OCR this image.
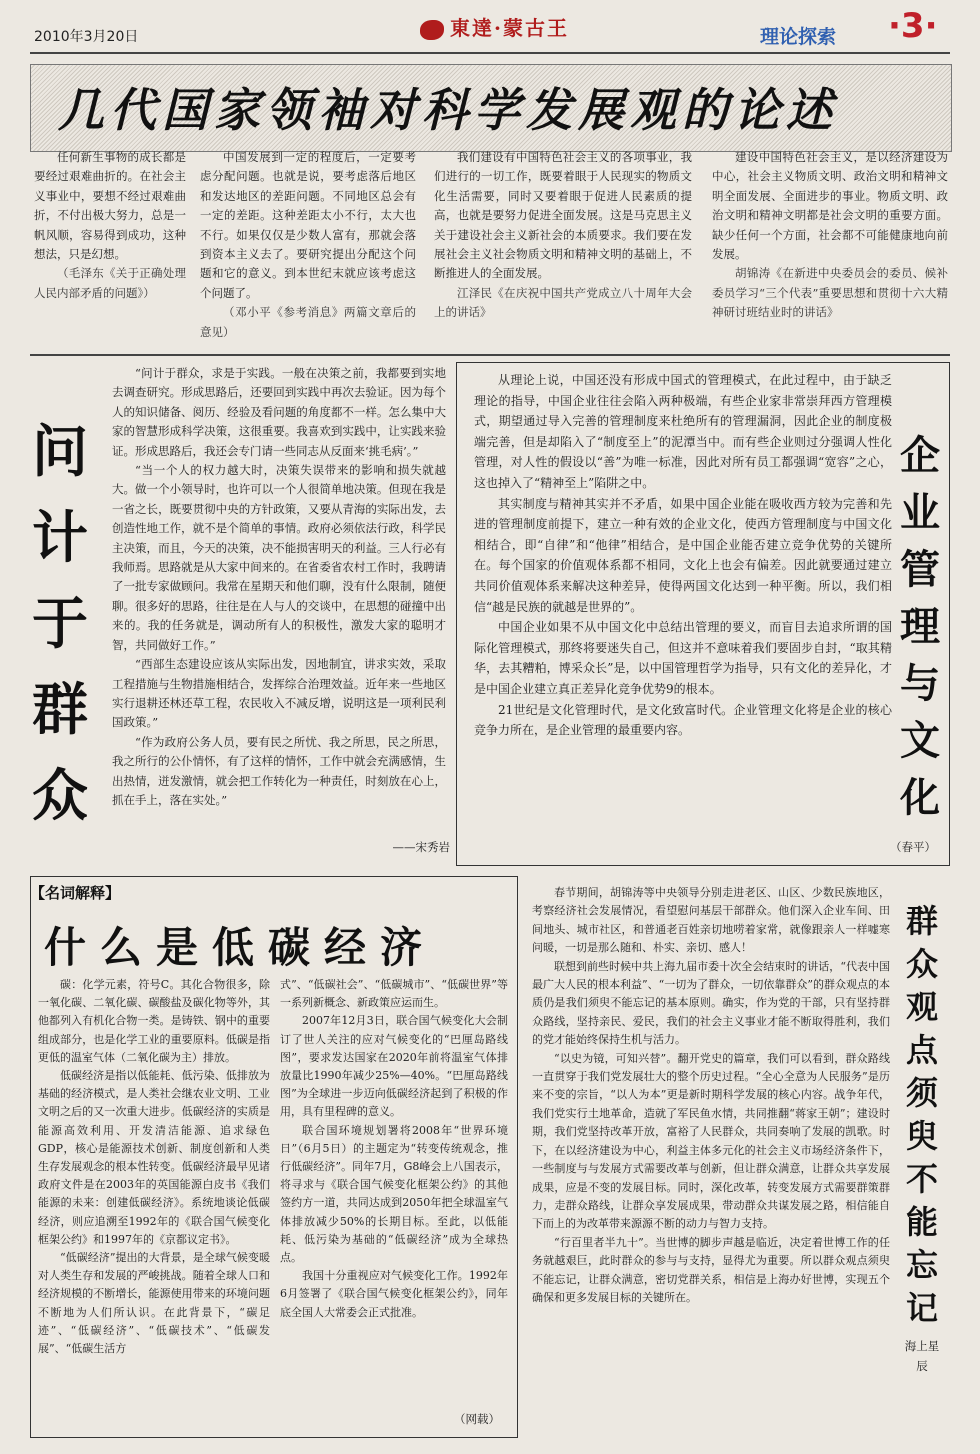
2010年3月20日	東達·蒙古王	理论探索 ·3·
几代国家领袖对科学发展观的论述

任何新生事物的成长都是要经过艰难曲折的。在社会主义事业中，要想不经过艰难曲折，不付出极大努力，总是一帆风顺，容易得到成功，这种想法，只是幻想。

（毛泽东《关于正确处理人民内部矛盾的问题》）

中国发展到一定的程度后，一定要考虑分配问题。也就是说，要考虑落后地区和发达地区的差距问题。不同地区总会有一定的差距。这种差距太小不行，太大也不行。如果仅仅是少数人富有，那就会落到资本主义去了。要研究提出分配这个问题和它的意义。到本世纪末就应该考虑这个问题了。

（邓小平《参考消息》两篇文章后的意见）

我们建设有中国特色社会主义的各项事业，我们进行的一切工作，既要着眼于人民现实的物质文化生活需要，同时又要着眼于促进人民素质的提高，也就是要努力促进全面发展。这是马克思主义关于建设社会主义新社会的本质要求。我们要在发展社会主义社会物质文明和精神文明的基础上，不断推进人的全面发展。

江泽民《在庆祝中国共产党成立八十周年大会上的讲话》

建设中国特色社会主义，是以经济建设为中心，社会主义物质文明、政治文明和精神文明全面发展、全面进步的事业。物质文明、政治文明和精神文明都是社会文明的重要方面。缺少任何一个方面，社会都不可能健康地向前发展。

胡锦涛《在新进中央委员会的委员、候补委员学习“三个代表”重要思想和贯彻十六大精神研讨班结业时的讲话》

问计于群众

“问计于群众，求是于实践。一般在决策之前，我都要到实地去调查研究。形成思路后，还要回到实践中再次去验证。因为每个人的知识储备、阅历、经验及看问题的角度都不一样。怎么集中大家的智慧形成科学决策，这很重要。我喜欢到实践中，让实践来验证。形成思路后，我还会专门请一些同志从反面来‘挑毛病’。”

“当一个人的权力越大时，决策失误带来的影响和损失就越大。做一个小领导时，也许可以一个人很简单地决策。但现在我是一省之长，既要贯彻中央的方针政策，又要从青海的实际出发，去创造性地工作，就不是个简单的事情。政府必须依法行政，科学民主决策，而且，今天的决策，决不能损害明天的利益。三人行必有我师焉。思路就是从大家中间来的。在省委省农村工作时，我聘请了一批专家做顾问。我常在星期天和他们聊，没有什么限制，随便聊。很多好的思路，往往是在人与人的交谈中，在思想的碰撞中出来的。我的任务就是，调动所有人的积极性，激发大家的聪明才智，共同做好工作。”

“西部生态建设应该从实际出发，因地制宜，讲求实效，采取工程措施与生物措施相结合，发挥综合治理效益。近年来一些地区实行退耕还林还草工程，农民收入不减反增，说明这是一项利民利国政策。”

“作为政府公务人员，要有民之所忧、我之所思，民之所思，我之所行的公仆情怀，有了这样的情怀，工作中就会充满感情，生出热情，迸发激情，就会把工作转化为一种责任，时刻放在心上，抓在手上，落在实处。”

——宋秀岩

从理论上说，中国还没有形成中国式的管理模式，在此过程中，由于缺乏理论的指导，中国企业往往会陷入两种极端，有些企业家非常崇拜西方管理模式，期望通过导入完善的管理制度来杜绝所有的管理漏洞，因此企业的制度极端完善，但是却陷入了“制度至上”的泥潭当中。而有些企业则过分强调人性化管理，对人性的假设以“善”为唯一标准，因此对所有员工都强调“宽容”之心，这也掉入了“精神至上”陷阱之中。

其实制度与精神其实并不矛盾，如果中国企业能在吸收西方较为完善和先进的管理制度前提下，建立一种有效的企业文化，使西方管理制度与中国文化相结合，即“自律”和“他律”相结合，是中国企业能否建立竞争优势的关键所在。每个国家的价值观体系都不相同，文化上也会有偏差。因此就要通过建立共同价值观体系来解决这种差异，使得两国文化达到一种平衡。所以，我们相信“越是民族的就越是世界的”。

中国企业如果不从中国文化中总结出管理的要义，而盲目去追求所谓的国际化管理模式，那终将要迷失自己，但这并不意味着我们要固步自封，“取其精华，去其糟粕，博采众长”是，以中国管理哲学为指导，只有文化的差异化，才是中国企业建立真正差异化竞争优势9的根本。

21世纪是文化管理时代，是文化致富时代。企业管理文化将是企业的核心竞争力所在，是企业管理的最重要内容。

（春平）
企业管理与文化
【名词解释】
什么是低碳经济

碳：化学元素，符号C。其化合物很多，除一氧化碳、二氧化碳、碳酸盐及碳化物等外，其他都列入有机化合物一类。是铸铁、钢中的重要组成部分，也是化学工业的重要原料。低碳是指更低的温室气体（二氧化碳为主）排放。

低碳经济是指以低能耗、低污染、低排放为基础的经济模式，是人类社会继农业文明、工业文明之后的又一次重大进步。低碳经济的实质是能源高效利用、开发清洁能源、追求绿色GDP，核心是能源技术创新、制度创新和人类生存发展观念的根本性转变。低碳经济最早见诸政府文件是在2003年的英国能源白皮书《我们能源的未来：创建低碳经济》。系统地谈论低碳经济，则应追溯至1992年的《联合国气候变化框架公约》和1997年的《京都议定书》。

“低碳经济”提出的大背景，是全球气候变暖对人类生存和发展的严峻挑战。随着全球人口和经济规模的不断增长，能源使用带来的环境问题不断地为人们所认识。在此背景下，“碳足迹”、“低碳经济”、“低碳技术”、“低碳发展”、“低碳生活方

式”、“低碳社会”、“低碳城市”、“低碳世界”等一系列新概念、新政策应运而生。

2007年12月3日，联合国气候变化大会制订了世人关注的应对气候变化的“巴厘岛路线图”，要求发达国家在2020年前将温室气体排放量比1990年减少25%—40%。“巴厘岛路线图”为全球进一步迈向低碳经济起到了积极的作用，具有里程碑的意义。

联合国环境规划署将2008年“世界环境日”（6月5日）的主题定为“转变传统观念，推行低碳经济”。同年7月，G8峰会上八国表示，将寻求与《联合国气候变化框架公约》的其他签约方一道，共同达成到2050年把全球温室气体排放减少50%的长期目标。至此，以低能耗、低污染为基础的“低碳经济”成为全球热点。

我国十分重视应对气候变化工作。1992年6月签署了《联合国气候变化框架公约》，同年底全国人大常委会正式批准。

（网载）

春节期间，胡锦涛等中央领导分别走进老区、山区、少数民族地区，考察经济社会发展情况，看望慰问基层干部群众。他们深入企业车间、田间地头、城市社区，和普通老百姓亲切地唠着家常，就像跟亲人一样嘘寒问暖，一切是那么随和、朴实、亲切、感人！

联想到前些时候中共上海九届市委十次全会结束时的讲话，“代表中国最广大人民的根本利益”、“一切为了群众，一切依靠群众”的群众观点的本质仍是我们须臾不能忘记的基本原则。确实，作为党的干部，只有坚持群众路线，坚持亲民、爱民，我们的社会主义事业才能不断取得胜利，我们的党才能始终保持生机与活力。

“以史为镜，可知兴替”。翻开党史的篇章，我们可以看到，群众路线一直贯穿于我们党发展壮大的整个历史过程。“全心全意为人民服务”是历来不变的宗旨，“以人为本”更是新时期科学发展的核心内容。战争年代，我们党实行土地革命，造就了军民鱼水情，共同推翻“蒋家王朝”；建设时期，我们党坚持改革开放，富裕了人民群众，共同奏响了发展的凯歌。时下，在以经济建设为中心，利益主体多元化的社会主义市场经济条件下，一些制度与与发展方式需要改革与创新，但让群众满意，让群众共享发展成果，应是不变的发展目标。同时，深化改革，转变发展方式需要群策群力，走群众路线，让群众享发展成果，带动群众共谋发展之路，相信能自下而上的为改革带来源源不断的动力与智力支持。

“行百里者半九十”。当世博的脚步声越是临近，决定着世博工作的任务就越艰巨，此时群众的参与与支持，显得尤为重要。所以群众观点须臾不能忘记，让群众满意，密切党群关系，相信是上海办好世博，实现五个确保和更多发展目标的关键所在。

群众观点须臾不能忘记
海上星辰
